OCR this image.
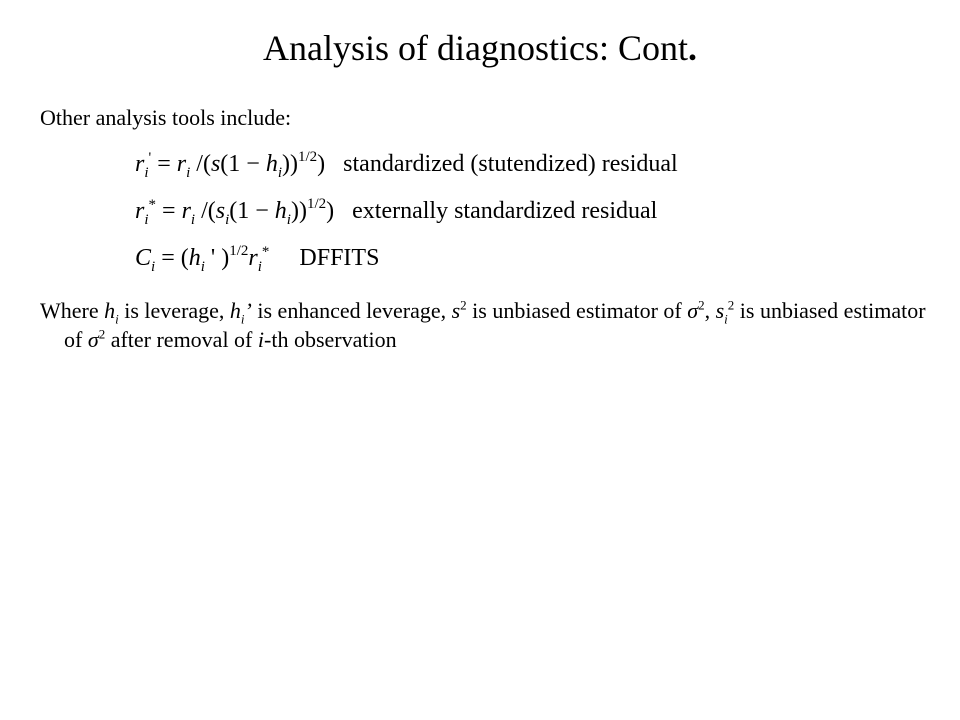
Analysis of diagnostics: Cont.
Other analysis tools include:
$r_i' = r_i$ $/(s(1 - h_i))^{1/2}$) standardized (stutendized) residual
$r_i^* = r_i$ $/(s_i(1 - h_i))^{1/2}$) externally standardized residual
$C_i = (h_i$ ' )$^{1/2}r_i^*$ DFFITS
Where $h_i$ is leverage, $h_i$’ is enhanced leverage, $s^2$ is unbiased estimator of $\sigma^2$, $s_i^2$ is unbiased estimator of $\sigma^2$ after removal of i-th observation
